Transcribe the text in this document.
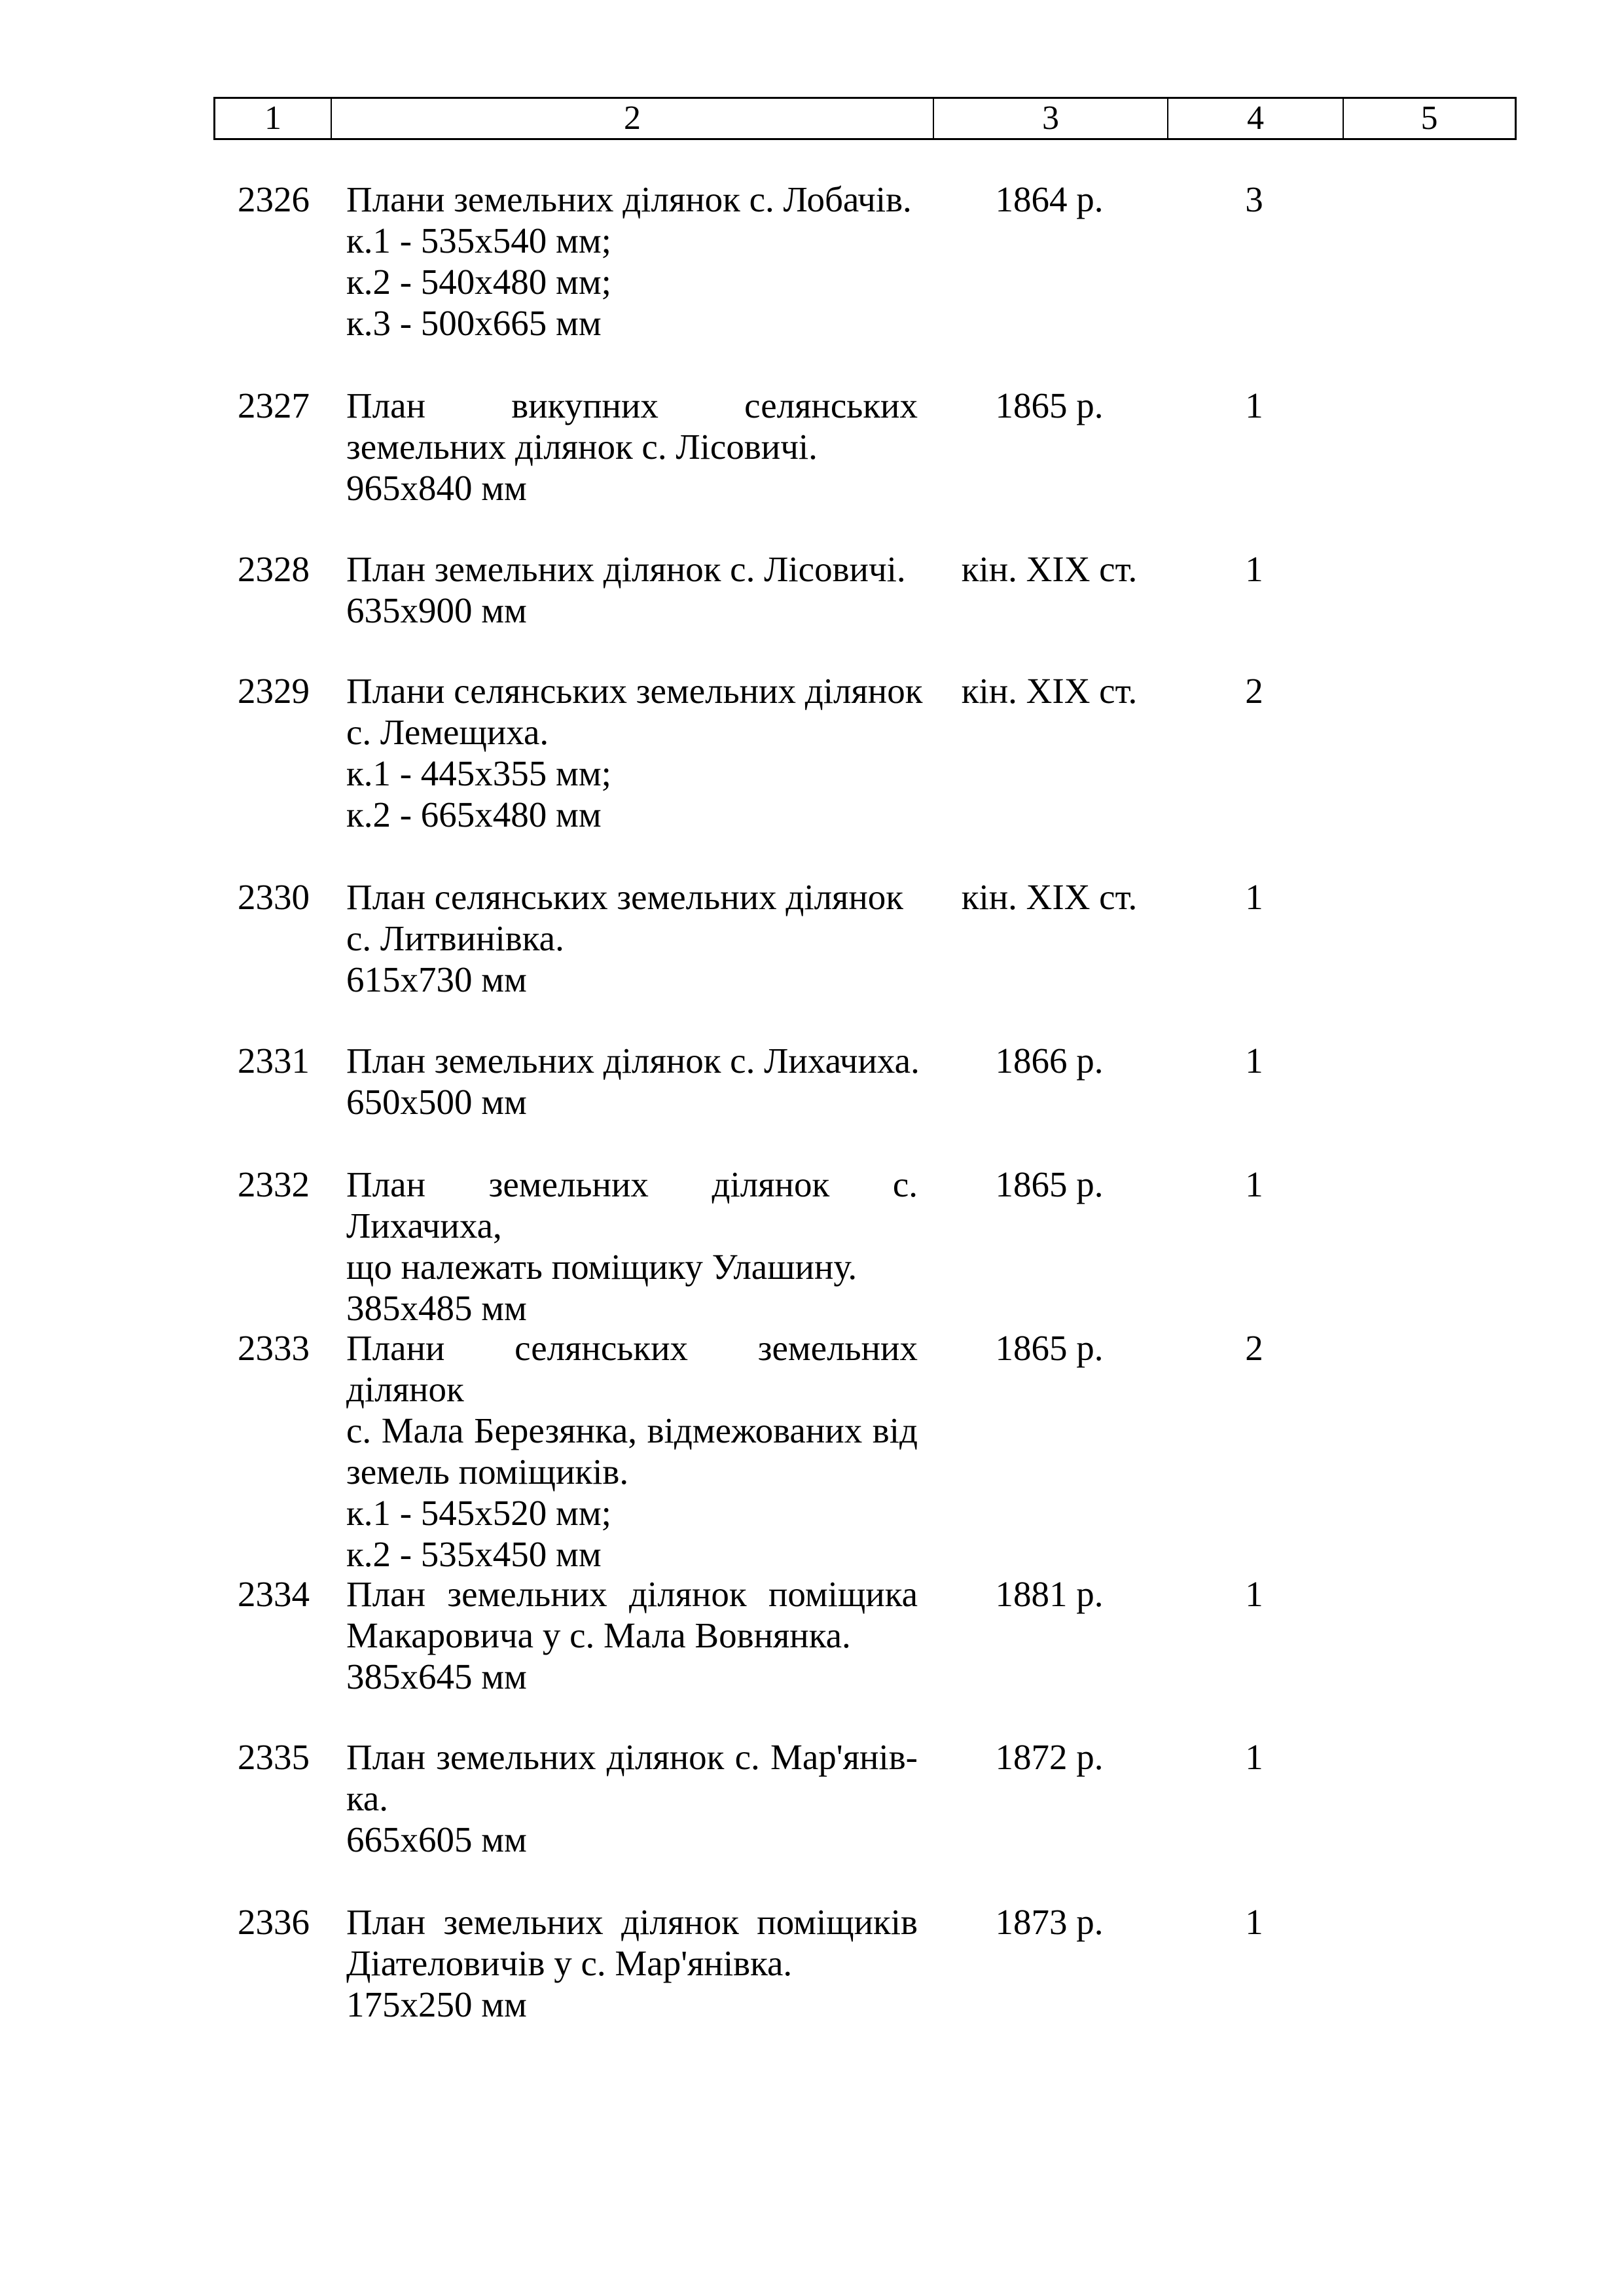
1	2	3	4	5
2326 Плани земельних ділянок с. Лобачів.
к.1 - 535х540 мм;
к.2 - 540х480 мм;
к.3 - 500х665 мм
1864 р.	3
2327 План викупних селянських
земельних ділянок с. Лісовичі.
965х840 мм
1865 р.	1
2328 План земельних ділянок с. Лісовичі.
635х900 мм
кін. XIX ст.	1
2329 Плани селянських земельних ділянок
с. Лемещиха.
к.1 - 445х355 мм;
к.2 - 665х480 мм
кін. XIX ст.	2
2330 План селянських земельних ділянок
с. Литвинівка.
615х730 мм
кін. XIX ст.	1
2331 План земельних ділянок с. Лихачиха.
650х500 мм
1866 р.	1
2332 План земельних ділянок с. Лихачиха,
що належать поміщику Улашину.
385х485 мм
1865 р.	1
2333 Плани селянських земельних ділянок
с. Мала Березянка, відмежованих від
земель поміщиків.
к.1 - 545х520 мм;
к.2 - 535х450 мм
1865 р.	2
2334 План земельних ділянок поміщика
Макаровича у с. Мала Вовнянка.
385х645 мм
1881 р.	1
2335 План земельних ділянок с. Мар'янів-
ка.
665х605 мм
1872 р.	1
2336 План земельних ділянок поміщиків
Діателовичів у с. Мар'янівка.
175х250 мм
1873 р.	1
